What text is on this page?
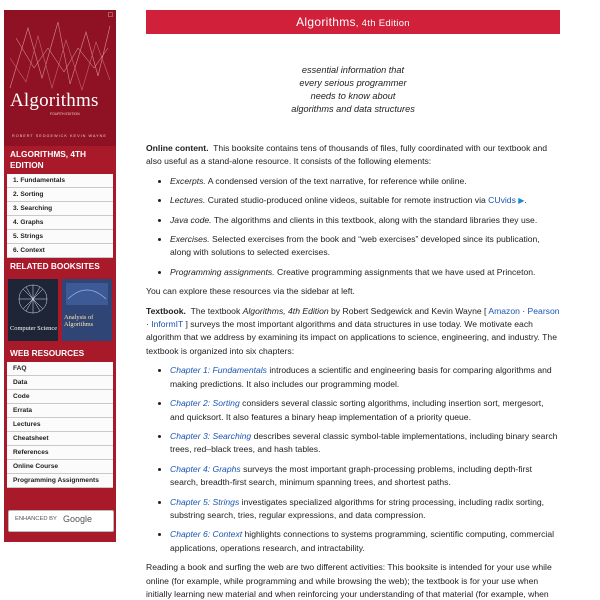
Algorithms
FOURTH EDITION
ROBERT SEDGEWICK KEVIN WAYNE
ALGORITHMS, 4TH EDITION
1. Fundamentals
2. Sorting
3. Searching
4. Graphs
5. Strings
6. Context
RELATED BOOKSITES
Computer Science
Analysis of Algorithms
WEB RESOURCES
FAQ
Data
Code
Errata
Lectures
Cheatsheet
References
Online Course
Programming Assignments
ENHANCED BY Google
Algorithms, 4th Edition
essential information that
every serious programmer
needs to know about
algorithms and data structures

Online content. This booksite contains tens of thousands of files, fully coordinated with our textbook and also useful as a stand-alone resource. It consists of the following elements:

• Excerpts. A condensed version of the text narrative, for reference while online.
• Lectures. Curated studio-produced online videos, suitable for remote instruction via CUvids ▶.
• Java code. The algorithms and clients in this textbook, along with the standard libraries they use.
• Exercises. Selected exercises from the book and “web exercises” developed since its publication, along with solutions to selected exercises.
• Programming assignments. Creative programming assignments that we have used at Princeton.

You can explore these resources via the sidebar at left.

Textbook. The textbook Algorithms, 4th Edition by Robert Sedgewick and Kevin Wayne [ Amazon · Pearson · InformIT ] surveys the most important algorithms and data structures in use today. We motivate each algorithm that we address by examining its impact on applications to science, engineering, and industry. The textbook is organized into six chapters:

• Chapter 1: Fundamentals introduces a scientific and engineering basis for comparing algorithms and making predictions. It also includes our programming model.
• Chapter 2: Sorting considers several classic sorting algorithms, including insertion sort, mergesort, and quicksort. It also features a binary heap implementation of a priority queue.
• Chapter 3: Searching describes several classic symbol-table implementations, including binary search trees, red–black trees, and hash tables.
• Chapter 4: Graphs surveys the most important graph-processing problems, including depth-first search, breadth-first search, minimum spanning trees, and shortest paths.
• Chapter 5: Strings investigates specialized algorithms for string processing, including radix sorting, substring search, tries, regular expressions, and data compression.
• Chapter 6: Context highlights connections to systems programming, scientific computing, commercial applications, operations research, and intractability.

Reading a book and surfing the web are two different activities: This booksite is intended for your use while online (for example, while programming and while browsing the web); the textbook is for your use when initially learning new material and when reinforcing your understanding of that material (for example, when
